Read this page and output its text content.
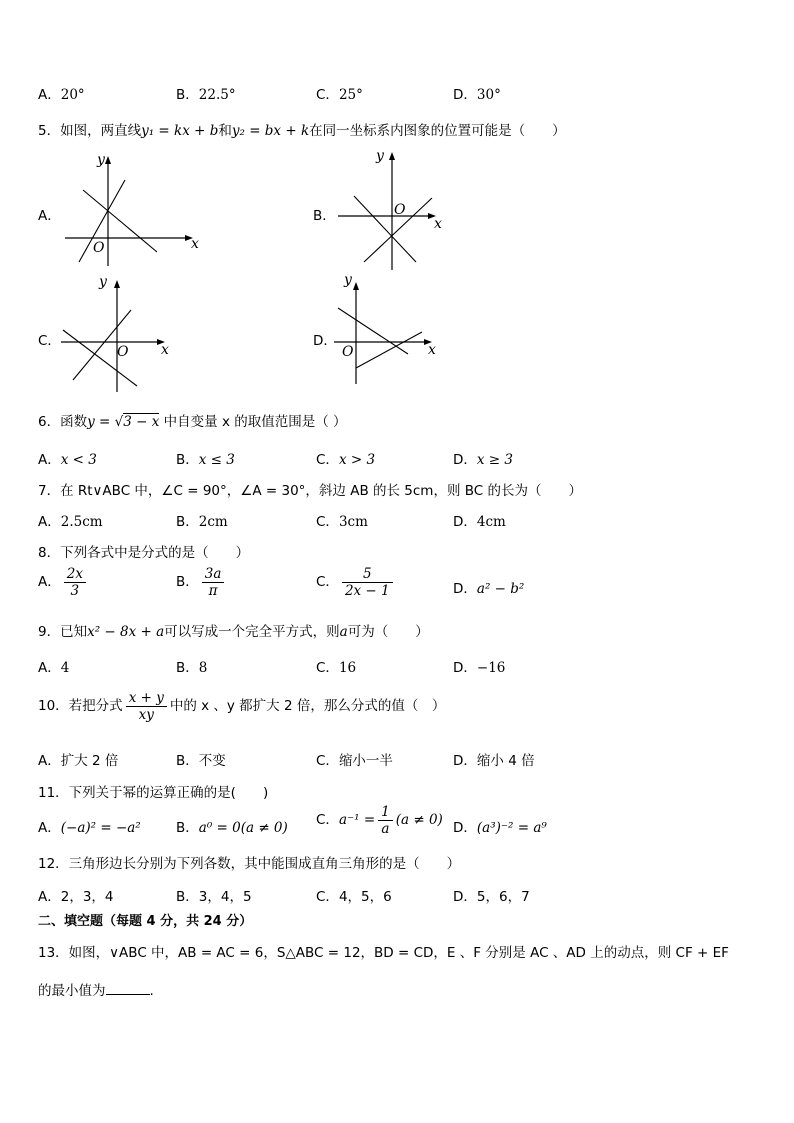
A．20°	B．22.5°	C．25°	D．30°
5．如图，两直线y₁ = kx + b和y₂ = bx + k在同一坐标系内图象的位置可能是（　　）
A．
x
y
O
B．	x
y
O
C．
x
y
O
D．
x
y
O
6．函数y = √3 − x 中自变量 x 的取值范围是（ ）
A．x < 3	B．x ≤ 3	C．x > 3	D．x ≥ 3
7．在 Rt∨ABC 中，∠C = 90°，∠A = 30°，斜边 AB 的长 5cm，则 BC 的长为（　　）
A．2.5cm	B．2cm	C．3cm	D．4cm
8．下列各式中是分式的是（　　）
A． $\frac{2x}{3}$	B． $\frac{3a}{\pi}$	C． $\frac{5}{2x - 1}$	D．a² − b²
9．已知x² − 8x + a可以写成一个完全平方式，则a可为（　　）
A．4	B．8	C．16	D．−16
10．若把分式 $\frac{x + y}{xy}$ 中的 x 、y 都扩大 2 倍，那么分式的值（　）
A．扩大 2 倍	B．不变	C．缩小一半	D．缩小 4 倍
11．下列关于幂的运算正确的是(　　)
A．(−a)² = −a²	B．a⁰ = 0(a ≠ 0) C．$a^{-1} = \frac{1}{a} (a \ne 0)$ D．(a³)⁻² = a⁹
12．三角形边长分别为下列各数，其中能围成直角三角形的是（　　）
A．2，3，4	B．3，4，5	C．4，5，6	D．5，6，7
二、填空题（每题 4 分，共 24 分）
13．如图，∨ABC 中，AB = AC = 6，S△ABC = 12，BD = CD，E 、F 分别是 AC 、AD 上的动点，则 CF + EF
的最小值为	.
